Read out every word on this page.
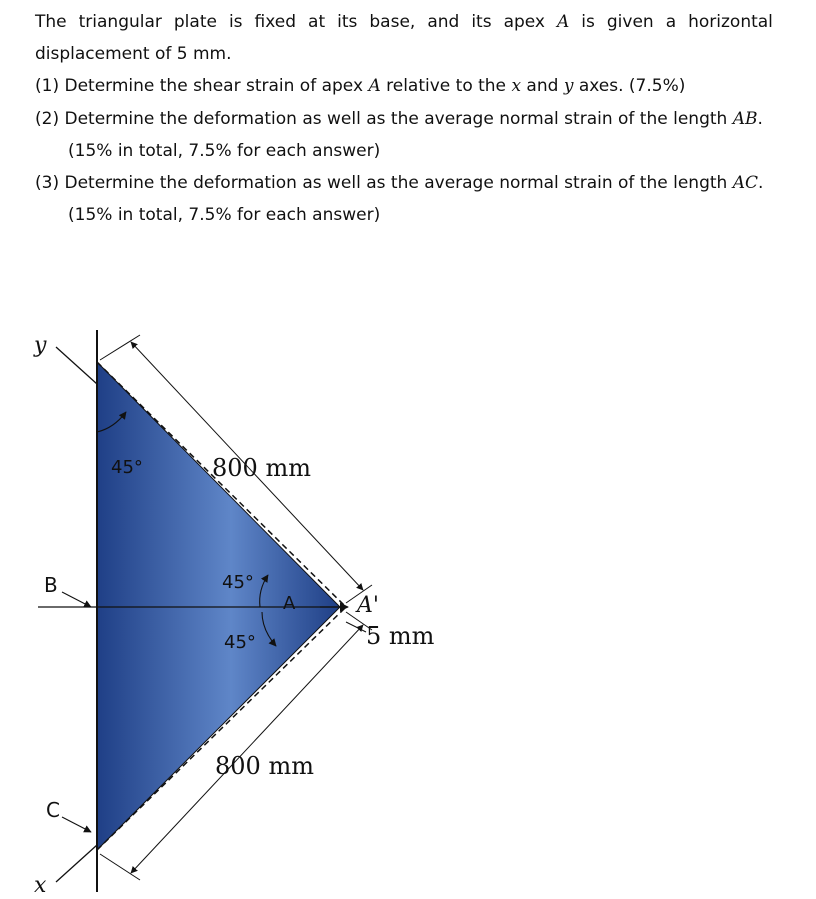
The triangular plate is fixed at its base, and its apex A is given a horizontal
displacement of 5 mm.
(1) Determine the shear strain of apex A relative to the x and y axes. (7.5%)
(2) Determine the deformation as well as the average normal strain of the length AB.
(15% in total, 7.5% for each answer)
(3) Determine the deformation as well as the average normal strain of the length AC.
(15% in total, 7.5% for each answer)
y
x
B
C
A	A'
45°
45°
45°
800 mm
800 mm
5 mm
